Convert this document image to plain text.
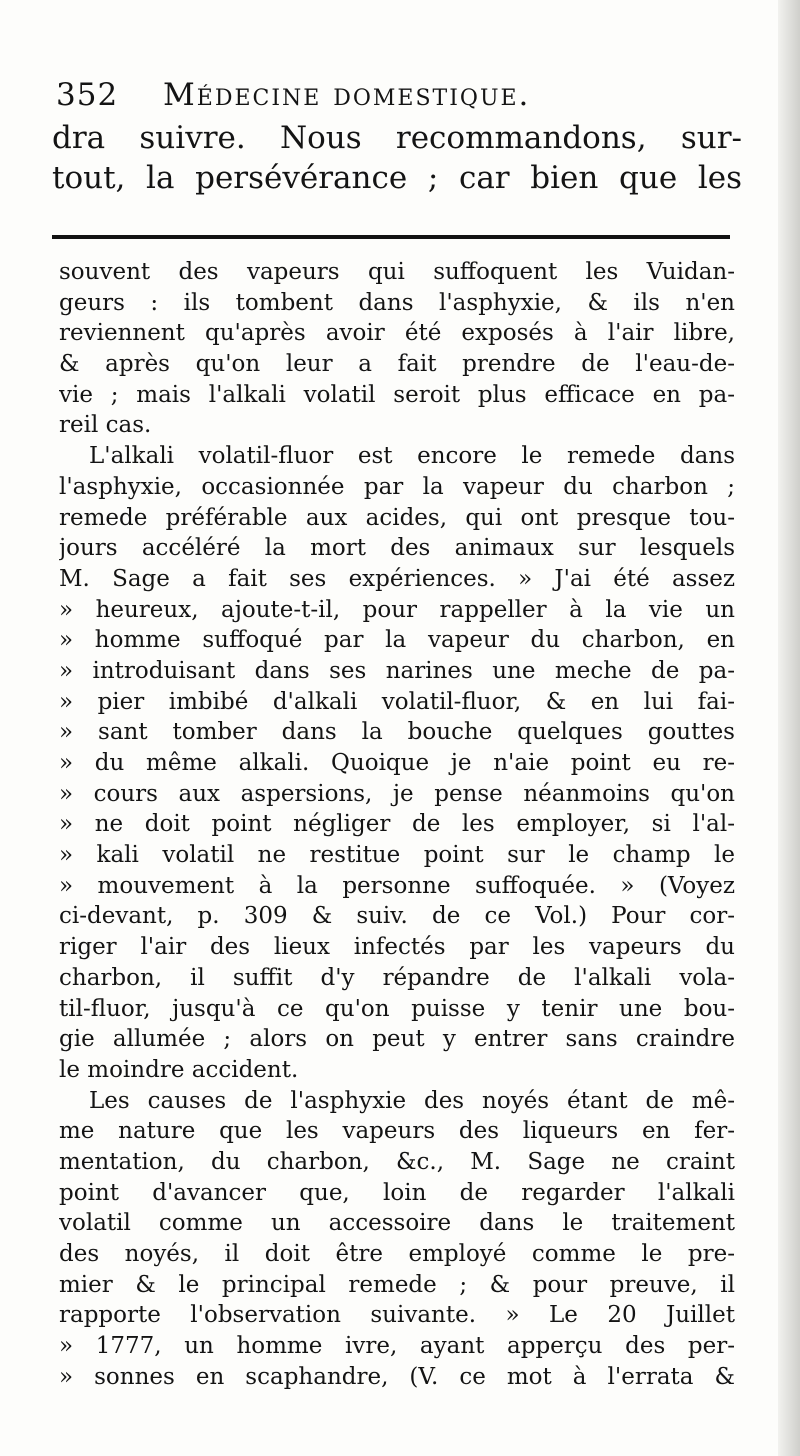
352 Médecine domestique.
dra suivre. Nous recommandons, sur-
tout, la persévérance ; car bien que les
souvent des vapeurs qui suffoquent les Vuidan-
geurs : ils tombent dans l'asphyxie, & ils n'en
reviennent qu'après avoir été exposés à l'air libre,
& après qu'on leur a fait prendre de l'eau-de-
vie ; mais l'alkali volatil seroit plus efficace en pa-
reil cas.
L'alkali volatil-fluor est encore le remede dans
l'asphyxie, occasionnée par la vapeur du charbon ;
remede préférable aux acides, qui ont presque tou-
jours accéléré la mort des animaux sur lesquels
M. Sage a fait ses expériences. » J'ai été assez
» heureux, ajoute-t-il, pour rappeller à la vie un
» homme suffoqué par la vapeur du charbon, en
» introduisant dans ses narines une meche de pa-
» pier imbibé d'alkali volatil-fluor, & en lui fai-
» sant tomber dans la bouche quelques gouttes
» du même alkali. Quoique je n'aie point eu re-
» cours aux aspersions, je pense néanmoins qu'on
» ne doit point négliger de les employer, si l'al-
» kali volatil ne restitue point sur le champ le
» mouvement à la personne suffoquée. » (Voyez
ci-devant, p. 309 & suiv. de ce Vol.) Pour cor-
riger l'air des lieux infectés par les vapeurs du
charbon, il suffit d'y répandre de l'alkali vola-
til-fluor, jusqu'à ce qu'on puisse y tenir une bou-
gie allumée ; alors on peut y entrer sans craindre
le moindre accident.
Les causes de l'asphyxie des noyés étant de mê-
me nature que les vapeurs des liqueurs en fer-
mentation, du charbon, &c., M. Sage ne craint
point d'avancer que, loin de regarder l'alkali
volatil comme un accessoire dans le traitement
des noyés, il doit être employé comme le pre-
mier & le principal remede ; & pour preuve, il
rapporte l'observation suivante. » Le 20 Juillet
» 1777, un homme ivre, ayant apperçu des per-
» sonnes en scaphandre, (V. ce mot à l'errata &
